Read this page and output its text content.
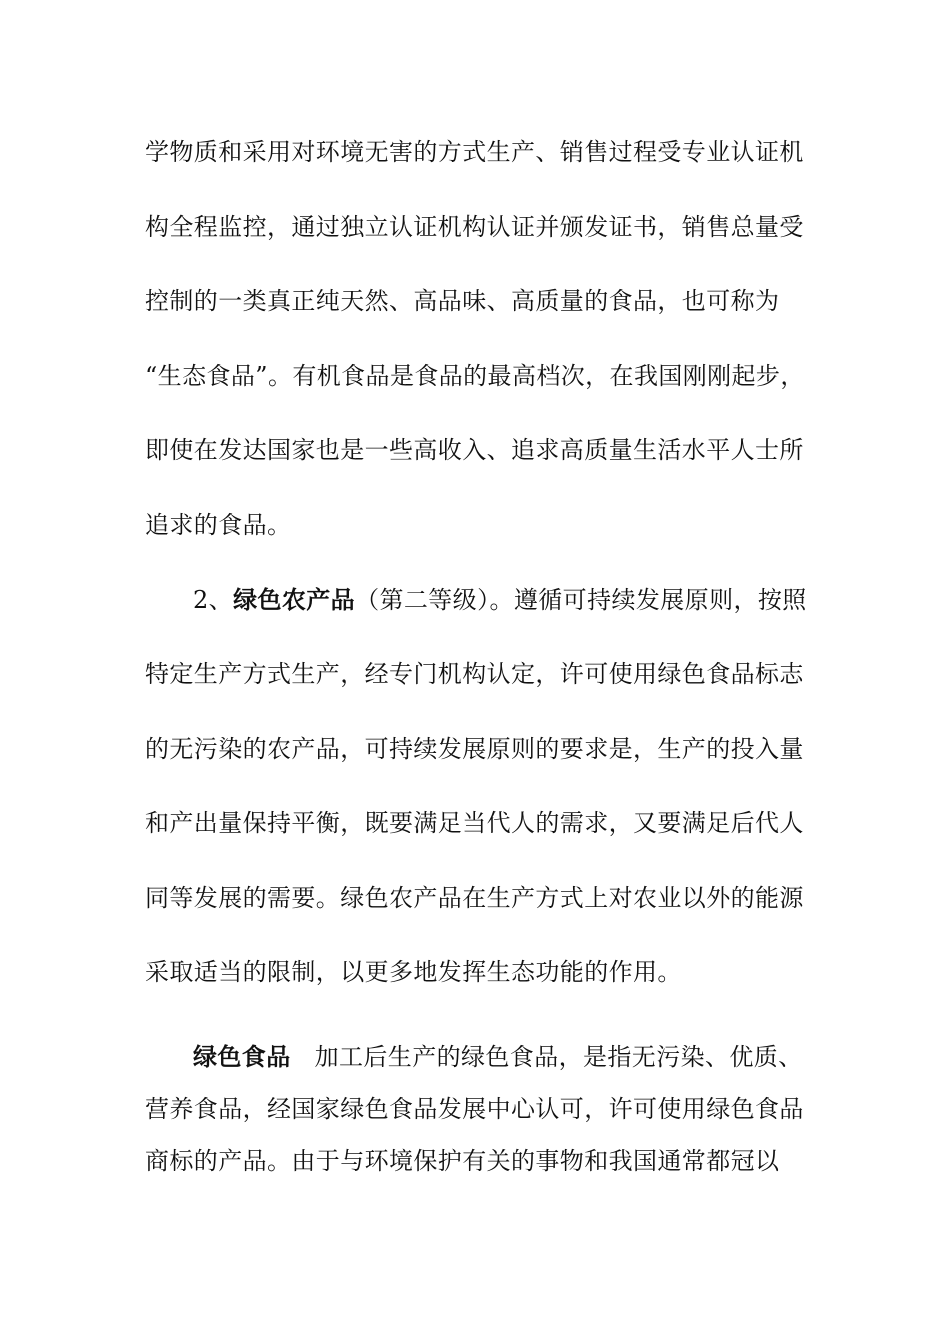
学物质和采用对环境无害的方式生产、销售过程受专业认证机
构全程监控，通过独立认证机构认证并颁发证书，销售总量受
控制的一类真正纯天然、高品味、高质量的食品，也可称为
“生态食品”。有机食品是食品的最高档次，在我国刚刚起步，
即使在发达国家也是一些高收入、追求高质量生活水平人士所
追求的食品。
2、绿色农产品（第二等级）。遵循可持续发展原则，按照
特定生产方式生产，经专门机构认定，许可使用绿色食品标志
的无污染的农产品，可持续发展原则的要求是，生产的投入量
和产出量保持平衡，既要满足当代人的需求，又要满足后代人
同等发展的需要。绿色农产品在生产方式上对农业以外的能源
采取适当的限制，以更多地发挥生态功能的作用。
绿色食品 加工后生产的绿色食品，是指无污染、优质、
营养食品，经国家绿色食品发展中心认可，许可使用绿色食品
商标的产品。由于与环境保护有关的事物和我国通常都冠以
